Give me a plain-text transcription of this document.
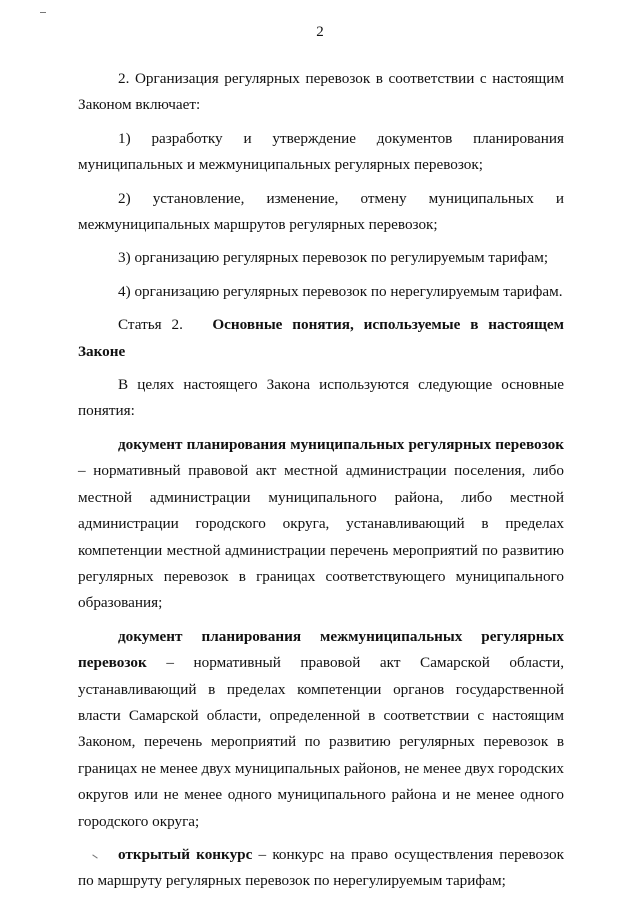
2

2. Организация регулярных перевозок в соответствии с настоящим Законом включает:

1) разработку и утверждение документов планирования муниципальных и межмуниципальных регулярных перевозок;

2) установление, изменение, отмену муниципальных и межмуниципальных маршрутов регулярных перевозок;

3) организацию регулярных перевозок по регулируемым тарифам;

4) организацию регулярных перевозок по нерегулируемым тарифам.

Статья 2. Основные понятия, используемые в настоящем Законе

В целях настоящего Закона используются следующие основные понятия:

документ планирования муниципальных регулярных перевозок – нормативный правовой акт местной администрации поселения, либо местной администрации муниципального района, либо местной администрации городского округа, устанавливающий в пределах компетенции местной администрации перечень мероприятий по развитию регулярных перевозок в границах соответствующего муниципального образования;

документ планирования межмуниципальных регулярных перевозок – нормативный правовой акт Самарской области, устанавливающий в пределах компетенции органов государственной власти Самарской области, определенной в соответствии с настоящим Законом, перечень мероприятий по развитию регулярных перевозок в границах не менее двух муниципальных районов, не менее двух городских округов или не менее одного муниципального района и не менее одного городского округа;

открытый конкурс – конкурс на право осуществления перевозок по маршруту регулярных перевозок по нерегулируемым тарифам;
